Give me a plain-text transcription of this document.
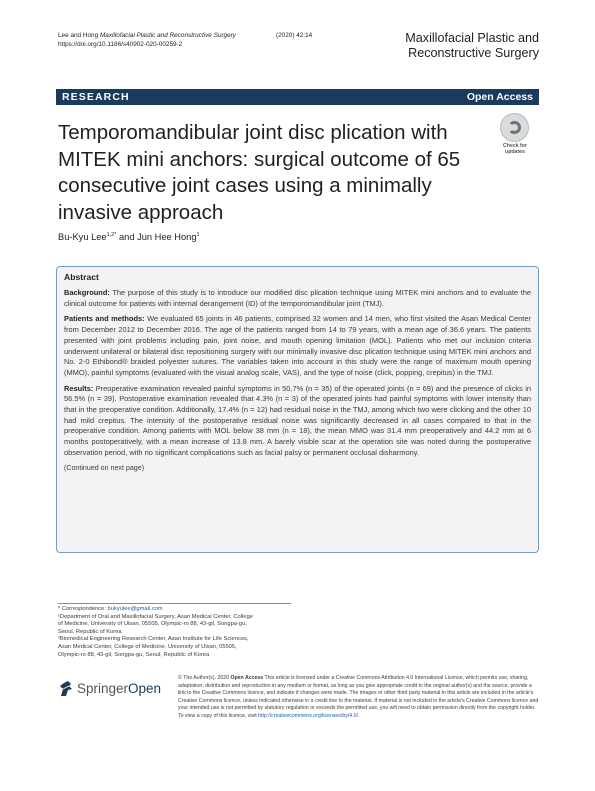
Lee and Hong Maxillofacial Plastic and Reconstructive Surgery	(2020) 42:14
https://doi.org/10.1186/s40902-020-00259-2	Maxillofacial Plastic and
Reconstructive Surgery
RESEARCH	Open Access
Temporomandibular joint disc plication with MITEK mini anchors: surgical outcome of 65 consecutive joint cases using a minimally invasive approach
Check for
updates
Bu-Kyu Lee$^{1,2*}$ and Jun Hee Hong$^1$
Abstract

Background: The purpose of this study is to introduce our modified disc plication technique using MITEK mini anchors and to evaluate the clinical outcome for patients with internal derangement (ID) of the temporomandibular joint (TMJ).

Patients and methods: We evaluated 65 joints in 46 patients, comprised 32 women and 14 men, who first visited the Asan Medical Center from December 2012 to December 2016. The age of the patients ranged from 14 to 79 years, with a mean age of 36.6 years. The patients presented with joint problems including pain, joint noise, and mouth opening limitation (MOL). Patients who met our inclusion criteria underwent unilateral or bilateral disc repositioning surgery with our minimally invasive disc plication technique using MITEK mini anchors and No. 2-0 Ethibond® braided polyester sutures. The variables taken into account in this study were the range of maximum mouth opening (MMO), painful symptoms (evaluated with the visual analog scale, VAS), and the type of noise (click, popping, crepitus) in the TMJ.

Results: Preoperative examination revealed painful symptoms in 50.7% (n = 35) of the operated joints (n = 69) and the presence of clicks in 56.5% (n = 39). Postoperative examination revealed that 4.3% (n = 3) of the operated joints had painful symptoms with lower intensity than that in the preoperative condition. Additionally, 17.4% (n = 12) had residual noise in the TMJ, among which two were clicking and the other 10 had mild crepitus. The intensity of the postoperative residual noise was significantly decreased in all cases compared to that in the preoperative condition. Among patients with MOL below 38 mm (n = 18), the mean MMO was 31.4 mm preoperatively and 44.2 mm at 6 months postoperatively, with a mean increase of 13.8 mm. A barely visible scar at the operation site was noted during the postoperative observation period, with no significant complications such as facial palsy or permanent occlusal disharmony.

(Continued on next page)
* Correspondence: bukyulee@gmail.com
¹Department of Oral and Maxillofacial Surgery, Asan Medical Center, College
of Medicine, University of Ulsan, 05505, Olympic-ro 88, 43-gil, Songpa-gu,
Seoul, Republic of Korea
²Biomedical Engineering Research Center, Asan Institute for Life Sciences,
Asan Medical Center, College of Medicine, University of Ulsan, 05505,
Olympic-ro 88, 43-gil, Songpa-gu, Seoul, Republic of Korea
SpringerOpen
© The Author(s). 2020 Open Access This article is licensed under a Creative Commons Attribution 4.0 International License, which permits use, sharing, adaptation, distribution and reproduction in any medium or format, as long as you give appropriate credit to the original author(s) and the source, provide a link to the Creative Commons licence, and indicate if changes were made. The images or other third party material in this article are included in the article's Creative Commons licence, unless indicated otherwise in a credit line to the material. If material is not included in the article's Creative Commons licence and your intended use is not permitted by statutory regulation or exceeds the permitted use, you will need to obtain permission directly from the copyright holder. To view a copy of this licence, visit http://creativecommons.org/licenses/by/4.0/.
